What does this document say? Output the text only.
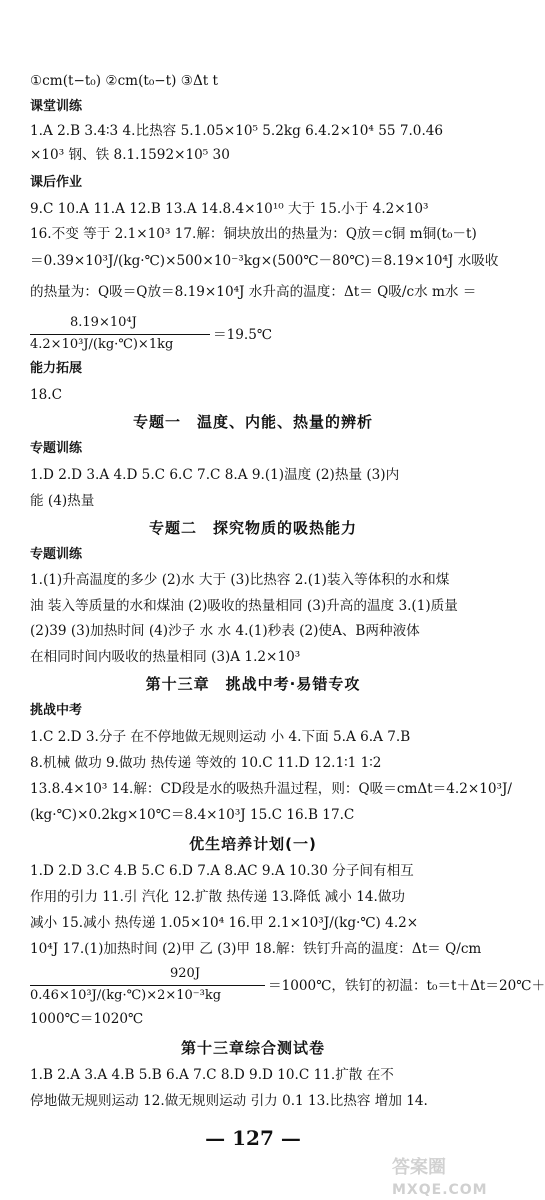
①cm(t−t₀) ②cm(t₀−t) ③Δt t

课堂训练

1.A 2.B 3.4∶3 4.比热容 5.1.05×10⁵ 5.2kg 6.4.2×10⁴ 55 7.0.46

×10³ 钢、铁 8.1.1592×10⁵ 30

课后作业

9.C 10.A 11.A 12.B 13.A 14.8.4×10¹⁰ 大于 15.小于 4.2×10³

16.不变 等于 2.1×10³ 17.解：铜块放出的热量为：Q放＝c铜 m铜(t₀－t)

＝0.39×10³J/(kg·℃)×500×10⁻³kg×(500℃－80℃)＝8.19×10⁴J 水吸收

的热量为：Q吸＝Q放＝8.19×10⁴J 水升高的温度：Δt＝ Q吸/c水 m水 ＝

8.19×10⁴J
4.2×10³J/(kg·℃)×1kg
＝19.5℃

能力拓展

18.C

专题一　温度、内能、热量的辨析

专题训练

1.D 2.D 3.A 4.D 5.C 6.C 7.C 8.A 9.(1)温度 (2)热量 (3)内

能 (4)热量

专题二　探究物质的吸热能力

专题训练

1.(1)升高温度的多少 (2)水 大于 (3)比热容 2.(1)装入等体积的水和煤

油 装入等质量的水和煤油 (2)吸收的热量相同 (3)升高的温度 3.(1)质量

(2)39 (3)加热时间 (4)沙子 水 水 4.(1)秒表 (2)使A、B两种液体

在相同时间内吸收的热量相同 (3)A 1.2×10³

第十三章　挑战中考·易错专攻

挑战中考

1.C 2.D 3.分子 在不停地做无规则运动 小 4.下面 5.A 6.A 7.B

8.机械 做功 9.做功 热传递 等效的 10.C 11.D 12.1∶1 1∶2

13.8.4×10³ 14.解：CD段是水的吸热升温过程，则：Q吸＝cmΔt＝4.2×10³J/

(kg·℃)×0.2kg×10℃＝8.4×10³J 15.C 16.B 17.C

优生培养计划(一)

1.D 2.D 3.C 4.B 5.C 6.D 7.A 8.AC 9.A 10.30 分子间有相互

作用的引力 11.引 汽化 12.扩散 热传递 13.降低 减小 14.做功

减小 15.减小 热传递 1.05×10⁴ 16.甲 2.1×10³J/(kg·℃) 4.2×

10⁴J 17.(1)加热时间 (2)甲 乙 (3)甲 18.解：铁钉升高的温度：Δt＝ Q/cm

920J
0.46×10³J/(kg·℃)×2×10⁻³kg
＝1000℃，铁钉的初温：t₀＝t＋Δt＝20℃＋

1000℃＝1020℃

第十三章综合测试卷

1.B 2.A 3.A 4.B 5.B 6.A 7.C 8.D 9.D 10.C 11.扩散 在不

停地做无规则运动 12.做无规则运动 引力 0.1 13.比热容 增加 14.

— 127 —

答案圈

MXQE.COM
